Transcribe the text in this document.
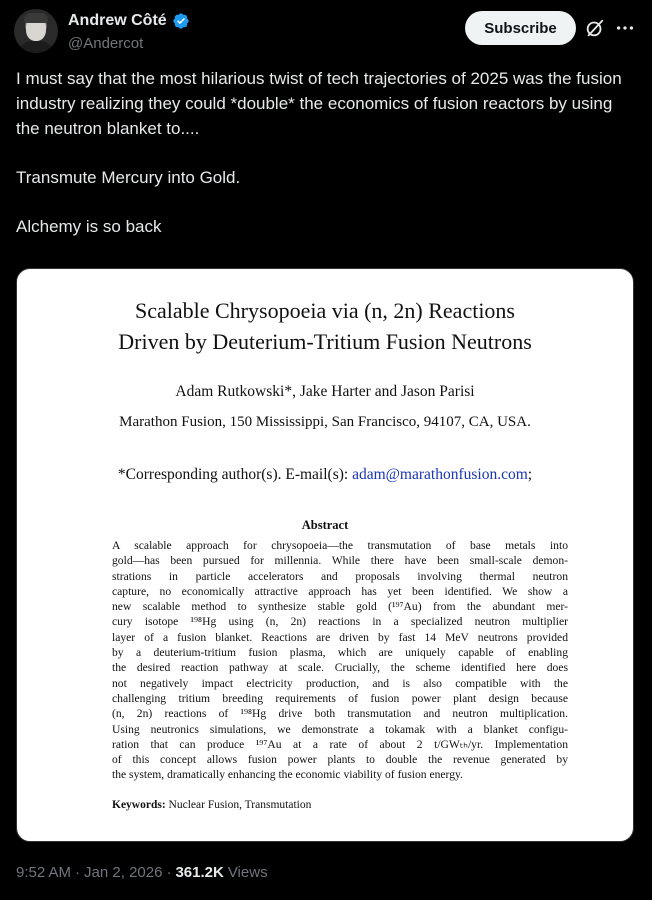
Andrew Côté
@Andercot
Subscribe

I must say that the most hilarious twist of tech trajectories of 2025 was the fusion industry realizing they could *double* the economics of fusion reactors by using the neutron blanket to....

Transmute Mercury into Gold.

Alchemy is so back

Scalable Chrysopoeia via (n, 2n) Reactions
Driven by Deuterium-Tritium Fusion Neutrons
Adam Rutkowski*, Jake Harter and Jason Parisi
Marathon Fusion, 150 Mississippi, San Francisco, 94107, CA, USA.
*Corresponding author(s). E-mail(s): adam@marathonfusion.com;
Abstract
A scalable approach for chrysopoeia—the transmutation of base metals into
gold—has been pursued for millennia. While there have been small-scale demon-
strations in particle accelerators and proposals involving thermal neutron
capture, no economically attractive approach has yet been identified. We show a
new scalable method to synthesize stable gold (¹⁹⁷Au) from the abundant mer-
cury isotope ¹⁹⁸Hg using (n, 2n) reactions in a specialized neutron multiplier
layer of a fusion blanket. Reactions are driven by fast 14 MeV neutrons provided
by a deuterium-tritium fusion plasma, which are uniquely capable of enabling
the desired reaction pathway at scale. Crucially, the scheme identified here does
not negatively impact electricity production, and is also compatible with the
challenging tritium breeding requirements of fusion power plant design because
(n, 2n) reactions of ¹⁹⁸Hg drive both transmutation and neutron multiplication.
Using neutronics simulations, we demonstrate a tokamak with a blanket configu-
ration that can produce ¹⁹⁷Au at a rate of about 2 t/GWₜₕ/yr. Implementation
of this concept allows fusion power plants to double the revenue generated by
the system, dramatically enhancing the economic viability of fusion energy.
Keywords: Nuclear Fusion, Transmutation
9:52 AM · Jan 2, 2026 · 361.2K Views
